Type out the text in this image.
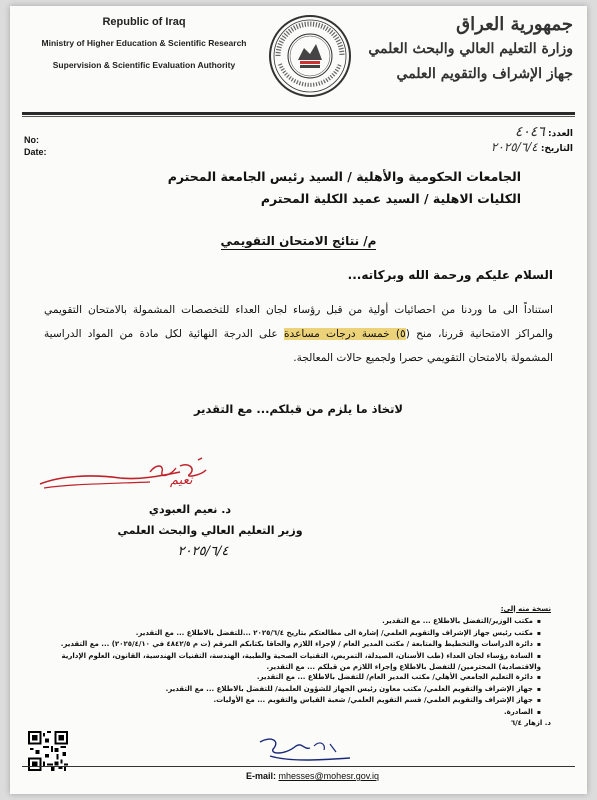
Republic of Iraq
Ministry of Higher Education & Scientific Research
Supervision & Scientific Evaluation Authority
جمهورية العراق
وزارة التعليم العالي والبحث العلمي
جهاز الإشراف والتقويم العلمي
No:
Date:
العدد: ٤٠٤٦
التاريخ: ٢٠٢٥/٦/٤
الجامعات الحكومية والأهلية / السيد رئيس الجامعة المحترم
الكليات الاهلية / السيد عميد الكلية المحترم
م/ نتائج الامتحان التقويمي
السلام عليكم ورحمة الله وبركاته...
استناداً الى ما وردنا من احصائيات أولية من قبل رؤساء لجان العداء للتخصصات المشمولة بالامتحان التقويمي والمراكز الامتحانية قررنا، منح (٥) خمسة درجات مساعدة على الدرجة النهائية لكل مادة من المواد الدراسية المشمولة بالامتحان التقويمي حصرا ولجميع حالات المعالجة.
لاتخاذ ما يلزم من قبلكم... مع التقدير
نعيم
د. نعيم العبودي
وزير التعليم العالي والبحث العلمي
٢٠٢٥/٦/٤
نسخة منه إلى:
▪ مكتب الوزير/التفضل بالاطلاع ... مع التقدير.
▪ مكتب رئيس جهاز الإشراف والتقويم العلمي/ إشارة الى مطالعتكم بتاريخ ٢٠٢٥/٦/٤ ...للتفضل بالاطلاع ... مع التقدير.
▪ دائرة الدراسات والتخطيط والمتابعة / مكتب المدير العام / لإجراء اللازم والحاقا بكتابكم المرقم (ت م ٤٨٤٢/٥ في ٢٠٢٥/٤/١٠) ... مع التقدير.
▪ السادة رؤساء لجان العداء (طب الأسنان، الصيدلة، التمريض، التقنيات الصحية والطبية، الهندسة، التقنيات الهندسية، القانون، العلوم الإدارية والاقتصادية) المحترمين/ للتفضل بالاطلاع وإجراء اللازم من قبلكم ... مع التقدير.
▪ دائرة التعليم الجامعي الأهلي/ مكتب المدير العام/ للتفضل بالاطلاع ... مع التقدير.
▪ جهاز الإشراف والتقويم العلمي/ مكتب معاون رئيس الجهاز للشؤون العلمية/ للتفضل بالاطلاع ... مع التقدير.
▪ جهاز الإشراف والتقويم العلمي/ قسم التقويم العلمي/ شعبة القياس والتقويم ... مع الأوليات.
▪ الصادرة.
د. ازهار ٦/٤
E-mail: mhesses@mohesr.gov.iq
